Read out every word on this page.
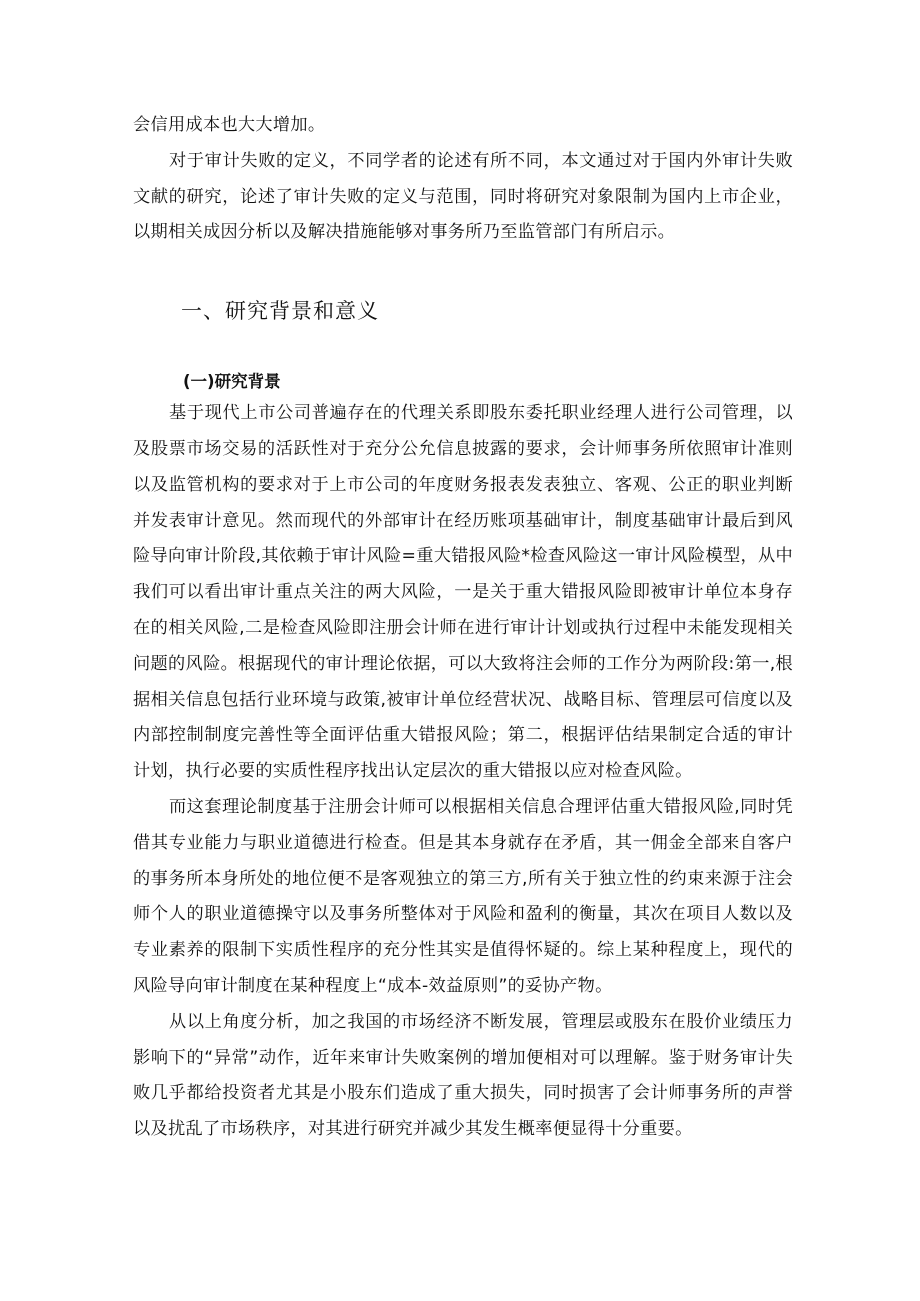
会信用成本也大大增加。

对于审计失败的定义，不同学者的论述有所不同，本文通过对于国内外审计失败文献的研究，论述了审计失败的定义与范围，同时将研究对象限制为国内上市企业，以期相关成因分析以及解决措施能够对事务所乃至监管部门有所启示。

一、研究背景和意义
(一)研究背景

基于现代上市公司普遍存在的代理关系即股东委托职业经理人进行公司管理，以及股票市场交易的活跃性对于充分公允信息披露的要求，会计师事务所依照审计准则以及监管机构的要求对于上市公司的年度财务报表发表独立、客观、公正的职业判断并发表审计意见。然而现代的外部审计在经历账项基础审计，制度基础审计最后到风险导向审计阶段,其依赖于审计风险=重大错报风险*检查风险这一审计风险模型，从中我们可以看出审计重点关注的两大风险，一是关于重大错报风险即被审计单位本身存在的相关风险,二是检查风险即注册会计师在进行审计计划或执行过程中未能发现相关问题的风险。根据现代的审计理论依据，可以大致将注会师的工作分为两阶段:第一,根据相关信息包括行业环境与政策,被审计单位经营状况、战略目标、管理层可信度以及内部控制制度完善性等全面评估重大错报风险；第二，根据评估结果制定合适的审计计划，执行必要的实质性程序找出认定层次的重大错报以应对检查风险。

而这套理论制度基于注册会计师可以根据相关信息合理评估重大错报风险,同时凭借其专业能力与职业道德进行检查。但是其本身就存在矛盾，其一佣金全部来自客户的事务所本身所处的地位便不是客观独立的第三方,所有关于独立性的约束来源于注会师个人的职业道德操守以及事务所整体对于风险和盈利的衡量，其次在项目人数以及专业素养的限制下实质性程序的充分性其实是值得怀疑的。综上某种程度上，现代的风险导向审计制度在某种程度上“成本-效益原则”的妥协产物。

从以上角度分析，加之我国的市场经济不断发展，管理层或股东在股价业绩压力影响下的“异常”动作，近年来审计失败案例的增加便相对可以理解。鉴于财务审计失败几乎都给投资者尤其是小股东们造成了重大损失，同时损害了会计师事务所的声誉以及扰乱了市场秩序，对其进行研究并减少其发生概率便显得十分重要。
